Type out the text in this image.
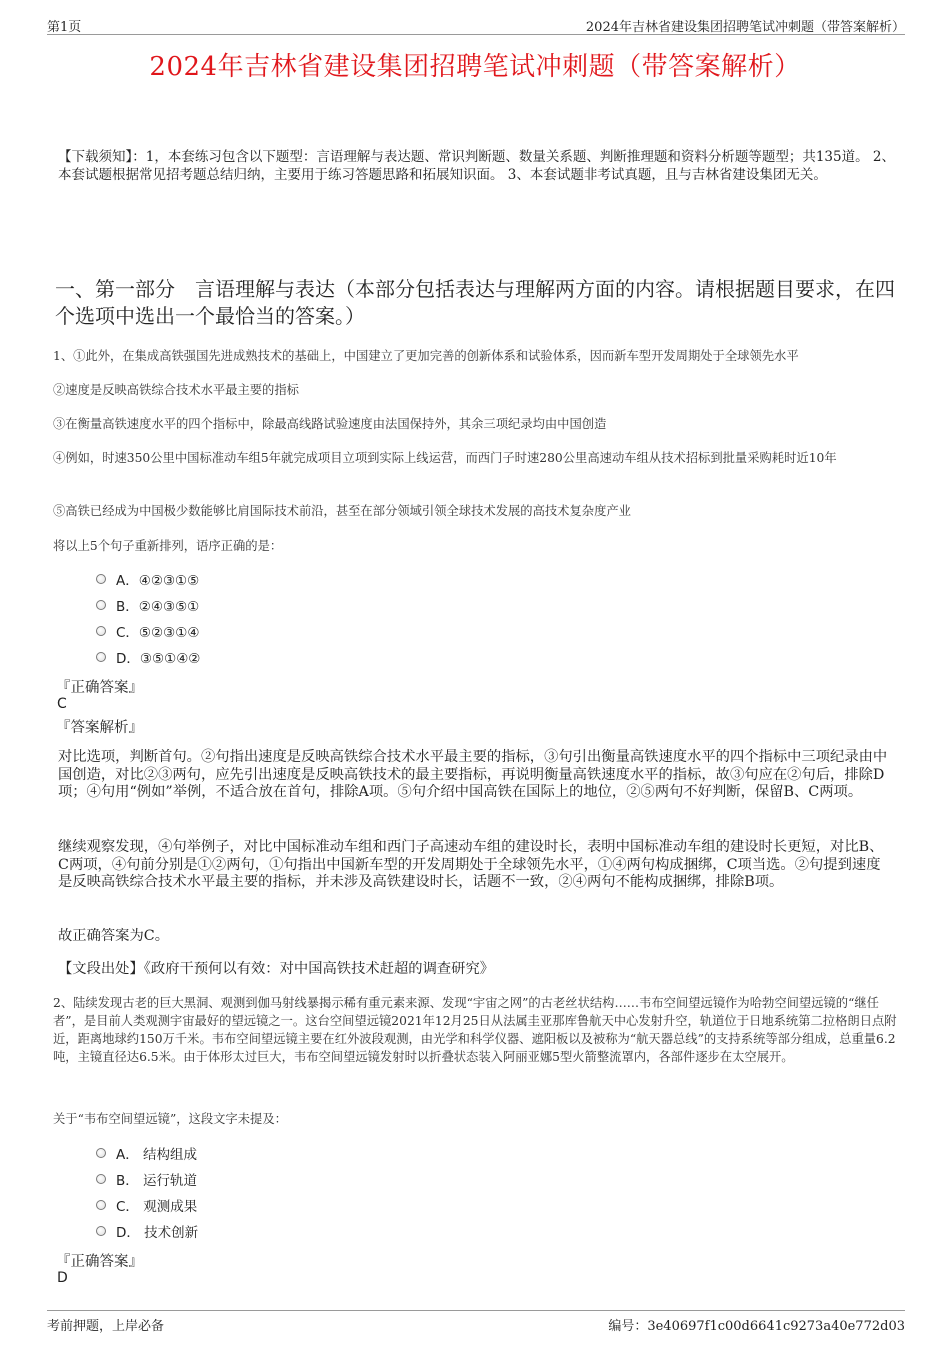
第1页	2024年吉林省建设集团招聘笔试冲刺题（带答案解析）
2024年吉林省建设集团招聘笔试冲刺题（带答案解析）
【下载须知】：1，本套练习包含以下题型：言语理解与表达题、常识判断题、数量关系题、判断推理题和资料分析题等题型；共135道。 2、本套试题根据常见招考题总结归纳，主要用于练习答题思路和拓展知识面。 3、本套试题非考试真题，且与吉林省建设集团无关。
一、第一部分　言语理解与表达（本部分包括表达与理解两方面的内容。请根据题目要求，在四个选项中选出一个最恰当的答案。）
1、①此外，在集成高铁强国先进成熟技术的基础上，中国建立了更加完善的创新体系和试验体系，因而新车型开发周期处于全球领先水平
②速度是反映高铁综合技术水平最主要的指标
③在衡量高铁速度水平的四个指标中，除最高线路试验速度由法国保持外，其余三项纪录均由中国创造
④例如，时速350公里中国标准动车组5年就完成项目立项到实际上线运营，而西门子时速280公里高速动车组从技术招标到批量采购耗时近10年
⑤高铁已经成为中国极少数能够比肩国际技术前沿，甚至在部分领域引领全球技术发展的高技术复杂度产业
将以上5个句子重新排列，语序正确的是：
A．④②③①⑤
B．②④③⑤①
C．⑤②③①④
D．③⑤①④②
『正确答案』
C
『答案解析』
对比选项，判断首句。②句指出速度是反映高铁综合技术水平最主要的指标，③句引出衡量高铁速度水平的四个指标中三项纪录由中国创造，对比②③两句，应先引出速度是反映高铁技术的最主要指标，再说明衡量高铁速度水平的指标，故③句应在②句后，排除D项；④句用“例如”举例，不适合放在首句，排除A项。⑤句介绍中国高铁在国际上的地位，②⑤两句不好判断，保留B、C两项。
继续观察发现，④句举例子，对比中国标准动车组和西门子高速动车组的建设时长，表明中国标准动车组的建设时长更短，对比B、C两项，④句前分别是①②两句，①句指出中国新车型的开发周期处于全球领先水平，①④两句构成捆绑，C项当选。②句提到速度是反映高铁综合技术水平最主要的指标，并未涉及高铁建设时长，话题不一致，②④两句不能构成捆绑，排除B项。
故正确答案为C。
【文段出处】《政府干预何以有效：对中国高铁技术赶超的调查研究》
2、陆续发现古老的巨大黑洞、观测到伽马射线暴揭示稀有重元素来源、发现“宇宙之网”的古老丝状结构……韦布空间望远镜作为哈勃空间望远镜的“继任者”，是目前人类观测宇宙最好的望远镜之一。这台空间望远镜2021年12月25日从法属圭亚那库鲁航天中心发射升空，轨道位于日地系统第二拉格朗日点附近，距离地球约150万千米。韦布空间望远镜主要在红外波段观测，由光学和科学仪器、遮阳板以及被称为“航天器总线”的支持系统等部分组成，总重量6.2吨，主镜直径达6.5米。由于体形太过巨大，韦布空间望远镜发射时以折叠状态装入阿丽亚娜5型火箭整流罩内，各部件逐步在太空展开。
关于“韦布空间望远镜”，这段文字未提及：
A． 结构组成
B． 运行轨道
C． 观测成果
D． 技术创新
『正确答案』
D
考前押题，上岸必备	编号：3e40697f1c00d6641c9273a40e772d03
